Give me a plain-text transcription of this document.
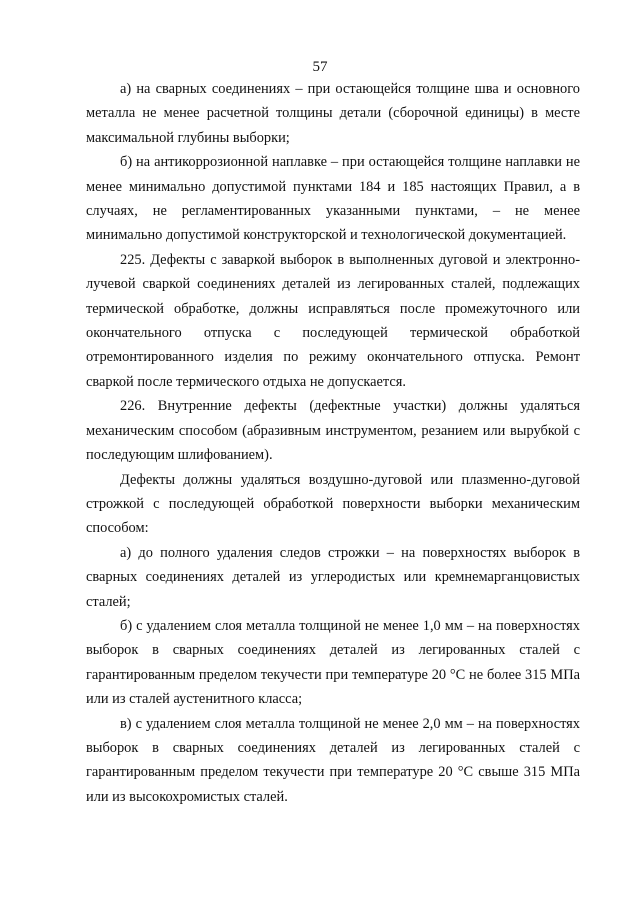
57

а) на сварных соединениях – при остающейся толщине шва и основного металла не менее расчетной толщины детали (сборочной единицы) в месте максимальной глубины выборки;

б) на антикоррозионной наплавке – при остающейся толщине наплавки не менее минимально допустимой пунктами 184 и 185 настоящих Правил, а в случаях, не регламентированных указанными пунктами, – не менее минимально допустимой конструкторской и технологической документацией.

225. Дефекты с заваркой выборок в выполненных дуговой и электронно-лучевой сваркой соединениях деталей из легированных сталей, подлежащих термической обработке, должны исправляться после промежуточного или окончательного отпуска с последующей термической обработкой отремонтированного изделия по режиму окончательного отпуска. Ремонт сваркой после термического отдыха не допускается.

226. Внутренние дефекты (дефектные участки) должны удаляться механическим способом (абразивным инструментом, резанием или вырубкой с последующим шлифованием).

Дефекты должны удаляться воздушно-дуговой или плазменно-дуговой строжкой с последующей обработкой поверхности выборки механическим способом:

а) до полного удаления следов строжки – на поверхностях выборок в сварных соединениях деталей из углеродистых или кремнемарганцовистых сталей;

б) с удалением слоя металла толщиной не менее 1,0 мм – на поверхностях выборок в сварных соединениях деталей из легированных сталей с гарантированным пределом текучести при температуре 20 °С не более 315 МПа или из сталей аустенитного класса;

в) с удалением слоя металла толщиной не менее 2,0 мм – на поверхностях выборок в сварных соединениях деталей из легированных сталей с гарантированным пределом текучести при температуре 20 °С свыше 315 МПа или из высокохромистых сталей.
